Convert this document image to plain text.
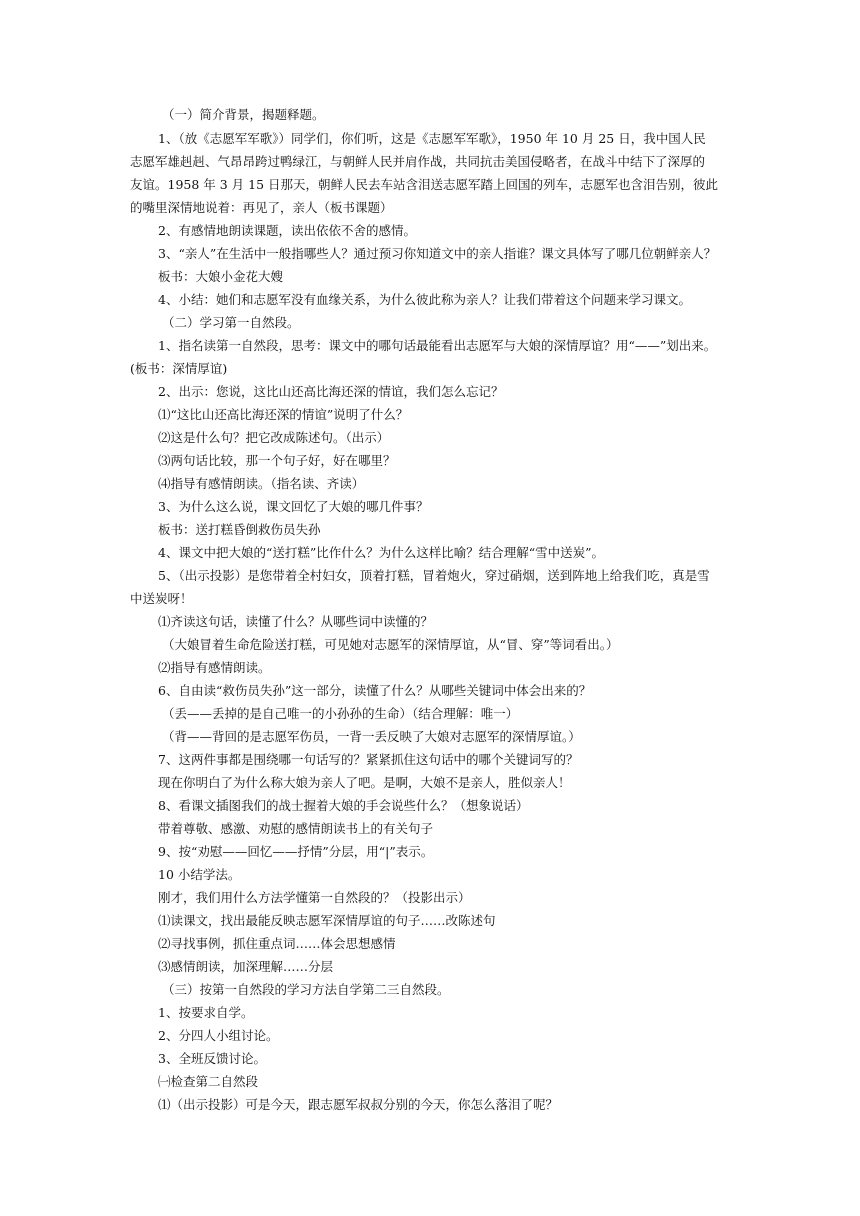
（一）简介背景，揭题释题。
1、（放《志愿军军歌》）同学们，你们听，这是《志愿军军歌》，1950 年 10 月 25 日，我中国人民
志愿军雄赳赳、气昂昂跨过鸭绿江，与朝鲜人民并肩作战，共同抗击美国侵略者，在战斗中结下了深厚的
友谊。1958 年 3 月 15 日那天，朝鲜人民去车站含泪送志愿军踏上回国的列车，志愿军也含泪告别，彼此
的嘴里深情地说着：再见了，亲人（板书课题）
2、有感情地朗读课题，读出依依不舍的感情。
3、“亲人”在生活中一般指哪些人？通过预习你知道文中的亲人指谁？课文具体写了哪几位朝鲜亲人？
板书：大娘小金花大嫂
4、小结：她们和志愿军没有血缘关系，为什么彼此称为亲人？让我们带着这个问题来学习课文。
（二）学习第一自然段。
1、指名读第一自然段，思考：课文中的哪句话最能看出志愿军与大娘的深情厚谊？用“——”划出来。
(板书：深情厚谊)
2、出示：您说，这比山还高比海还深的情谊，我们怎么忘记？
⑴“这比山还高比海还深的情谊”说明了什么？
⑵这是什么句？把它改成陈述句。（出示）
⑶两句话比较，那一个句子好，好在哪里？
⑷指导有感情朗读。（指名读、齐读）
3、为什么这么说，课文回忆了大娘的哪几件事？
板书：送打糕昏倒救伤员失孙
4、课文中把大娘的“送打糕”比作什么？为什么这样比喻？结合理解“雪中送炭”。
5、（出示投影）是您带着全村妇女，顶着打糕，冒着炮火，穿过硝烟，送到阵地上给我们吃，真是雪
中送炭呀！
⑴齐读这句话，读懂了什么？从哪些词中读懂的？
（大娘冒着生命危险送打糕，可见她对志愿军的深情厚谊，从“冒、穿”等词看出。）
⑵指导有感情朗读。
6、自由读“救伤员失孙”这一部分，读懂了什么？从哪些关键词中体会出来的？
（丢——丢掉的是自己唯一的小孙孙的生命）（结合理解：唯一）
（背——背回的是志愿军伤员，一背一丢反映了大娘对志愿军的深情厚谊。）
7、这两件事都是围绕哪一句话写的？紧紧抓住这句话中的哪个关键词写的？
现在你明白了为什么称大娘为亲人了吧。是啊，大娘不是亲人，胜似亲人！
8、看课文插图我们的战士握着大娘的手会说些什么？（想象说话）
带着尊敬、感激、劝慰的感情朗读书上的有关句子
9、按“劝慰——回忆——抒情”分层，用“|”表示。
10 小结学法。
刚才，我们用什么方法学懂第一自然段的？（投影出示）
⑴读课文，找出最能反映志愿军深情厚谊的句子……改陈述句
⑵寻找事例，抓住重点词……体会思想感情
⑶感情朗读，加深理解……分层
（三）按第一自然段的学习方法自学第二三自然段。
1、按要求自学。
2、分四人小组讨论。
3、全班反馈讨论。
㈠检查第二自然段
⑴（出示投影）可是今天，跟志愿军叔叔分别的今天，你怎么落泪了呢？
